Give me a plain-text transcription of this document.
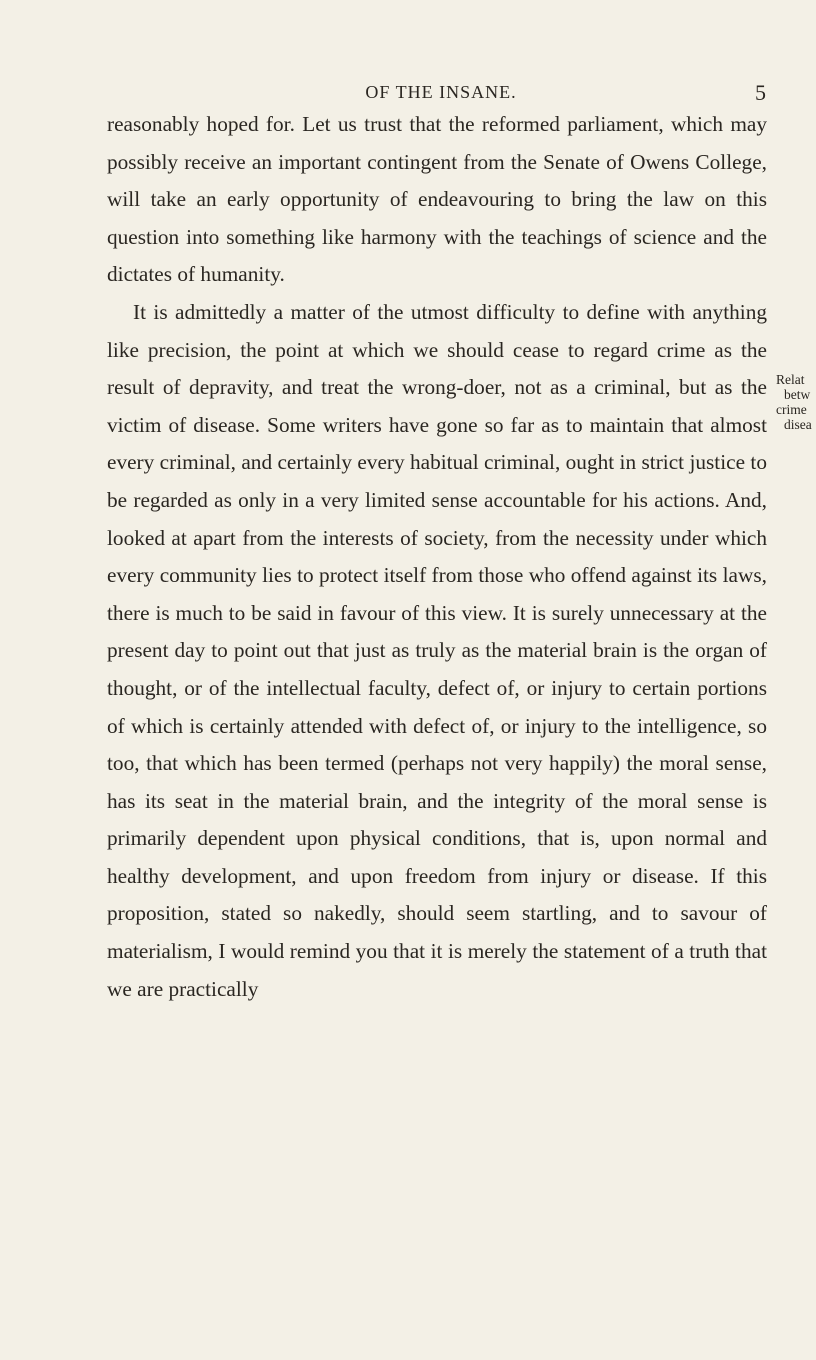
OF THE INSANE.	5

reasonably hoped for. Let us trust that the reformed parliament, which may possibly receive an important contingent from the Senate of Owens College, will take an early opportunity of endeavouring to bring the law on this question into something like harmony with the teachings of science and the dictates of humanity.

It is admittedly a matter of the utmost difficulty to define with anything like precision, the point at which we should cease to regard crime as the result of depravity, and treat the wrong-doer, not as a criminal, but as the victim of disease. Some writers have gone so far as to maintain that almost every criminal, and certainly every habitual criminal, ought in strict justice to be regarded as only in a very limited sense accountable for his actions. And, looked at apart from the interests of society, from the necessity under which every community lies to protect itself from those who offend against its laws, there is much to be said in favour of this view. It is surely unnecessary at the present day to point out that just as truly as the material brain is the organ of thought, or of the intellectual faculty, defect of, or injury to certain portions of which is certainly attended with defect of, or injury to the intelligence, so too, that which has been termed (perhaps not very happily) the moral sense, has its seat in the material brain, and the integrity of the moral sense is primarily dependent upon physical conditions, that is, upon normal and healthy development, and upon freedom from injury or disease. If this proposition, stated so nakedly, should seem startling, and to savour of materialism, I would remind you that it is merely the statement of a truth that we are practically

Relat
betw
crime
disea
